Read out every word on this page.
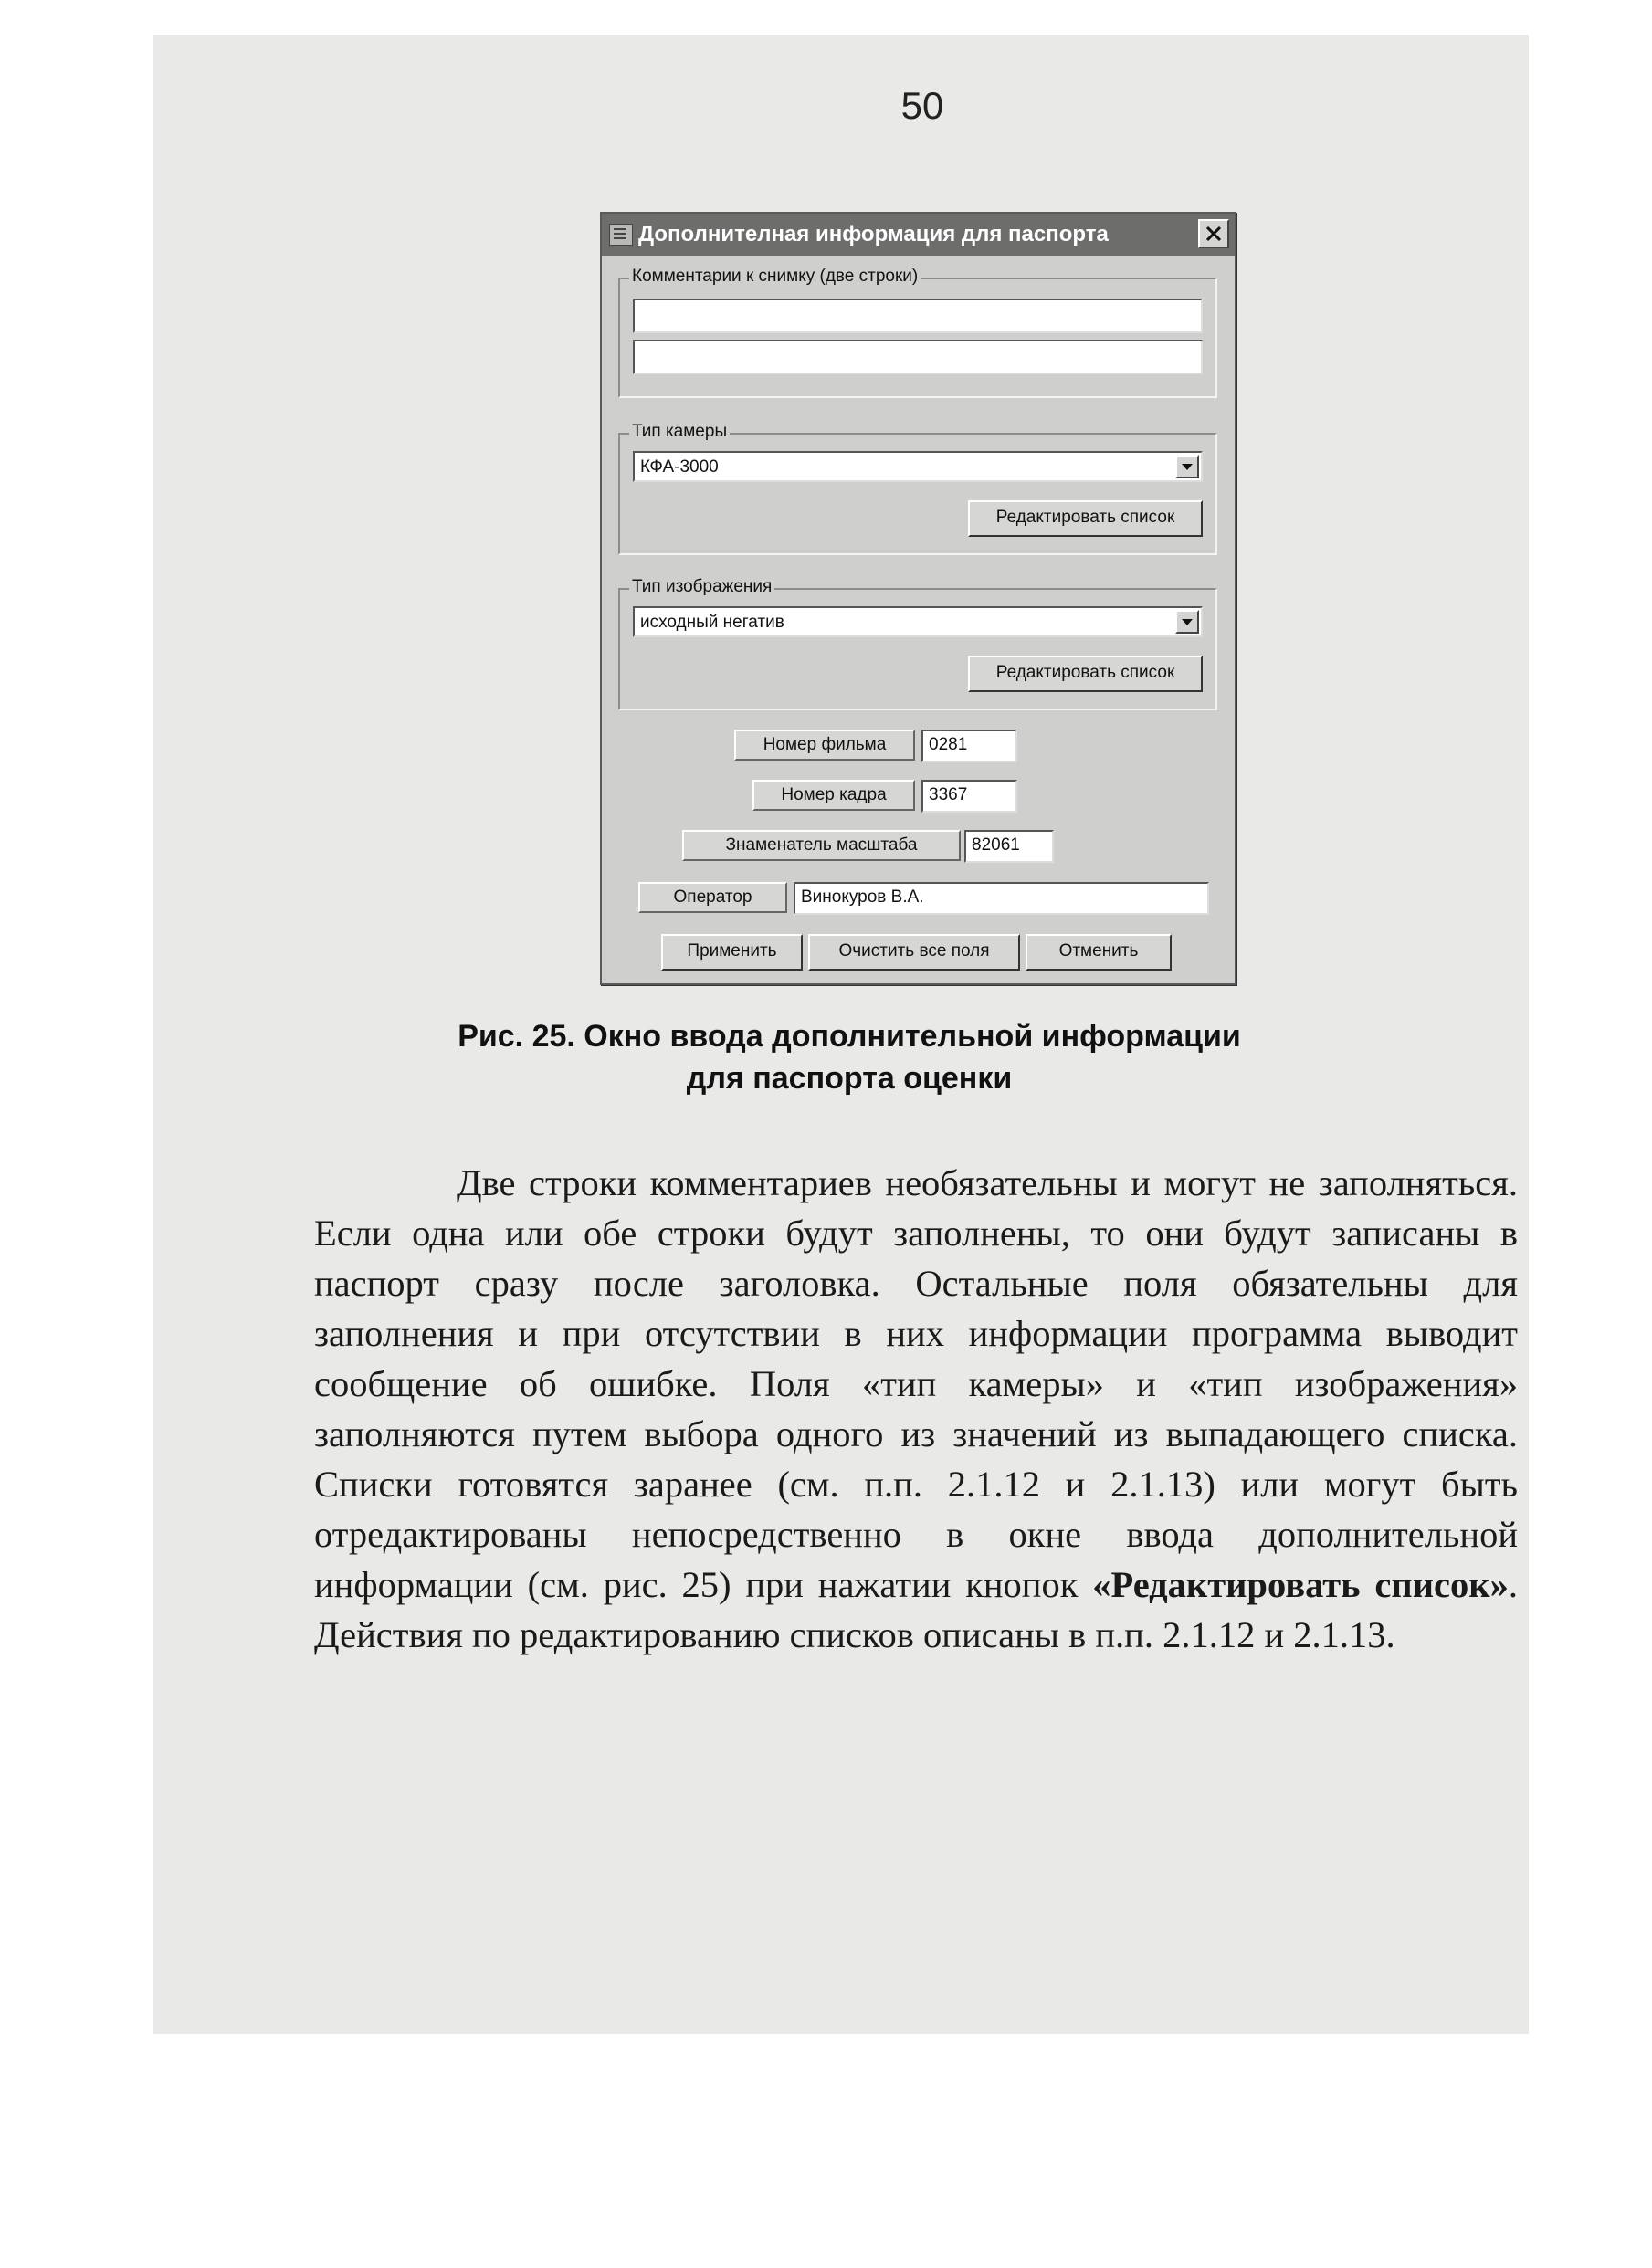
50
Дополнителная информация для паспорта
Комментарии к снимку (две строки)
Тип камеры
КФА-3000
Редактировать список
Тип изображения
исходный негатив
Редактировать список
Номер фильма	0281
Номер кадра	3367
Знаменатель масштаба	82061
Оператор	Винокуров В.А.
Применить	Очистить все поля	Отменить
Рис. 25. Окно ввода дополнительной информации
для паспорта оценки
Две строки комментариев необязательны и могут не заполняться. Если одна или обе строки будут заполнены, то они будут записаны в паспорт сразу после заголовка. Остальные поля обязательны для заполнения и при отсутствии в них информации программа выводит сообщение об ошибке. Поля «тип камеры» и «тип изображения» заполняются путем выбора одного из значений из выпадающего списка. Списки готовятся заранее (см. п.п. 2.1.12 и 2.1.13) или могут быть отредактированы непосредственно в окне ввода дополнительной информации (см. рис. 25) при нажатии кнопок «Редактировать список». Действия по редактированию списков описаны в п.п. 2.1.12 и 2.1.13.
